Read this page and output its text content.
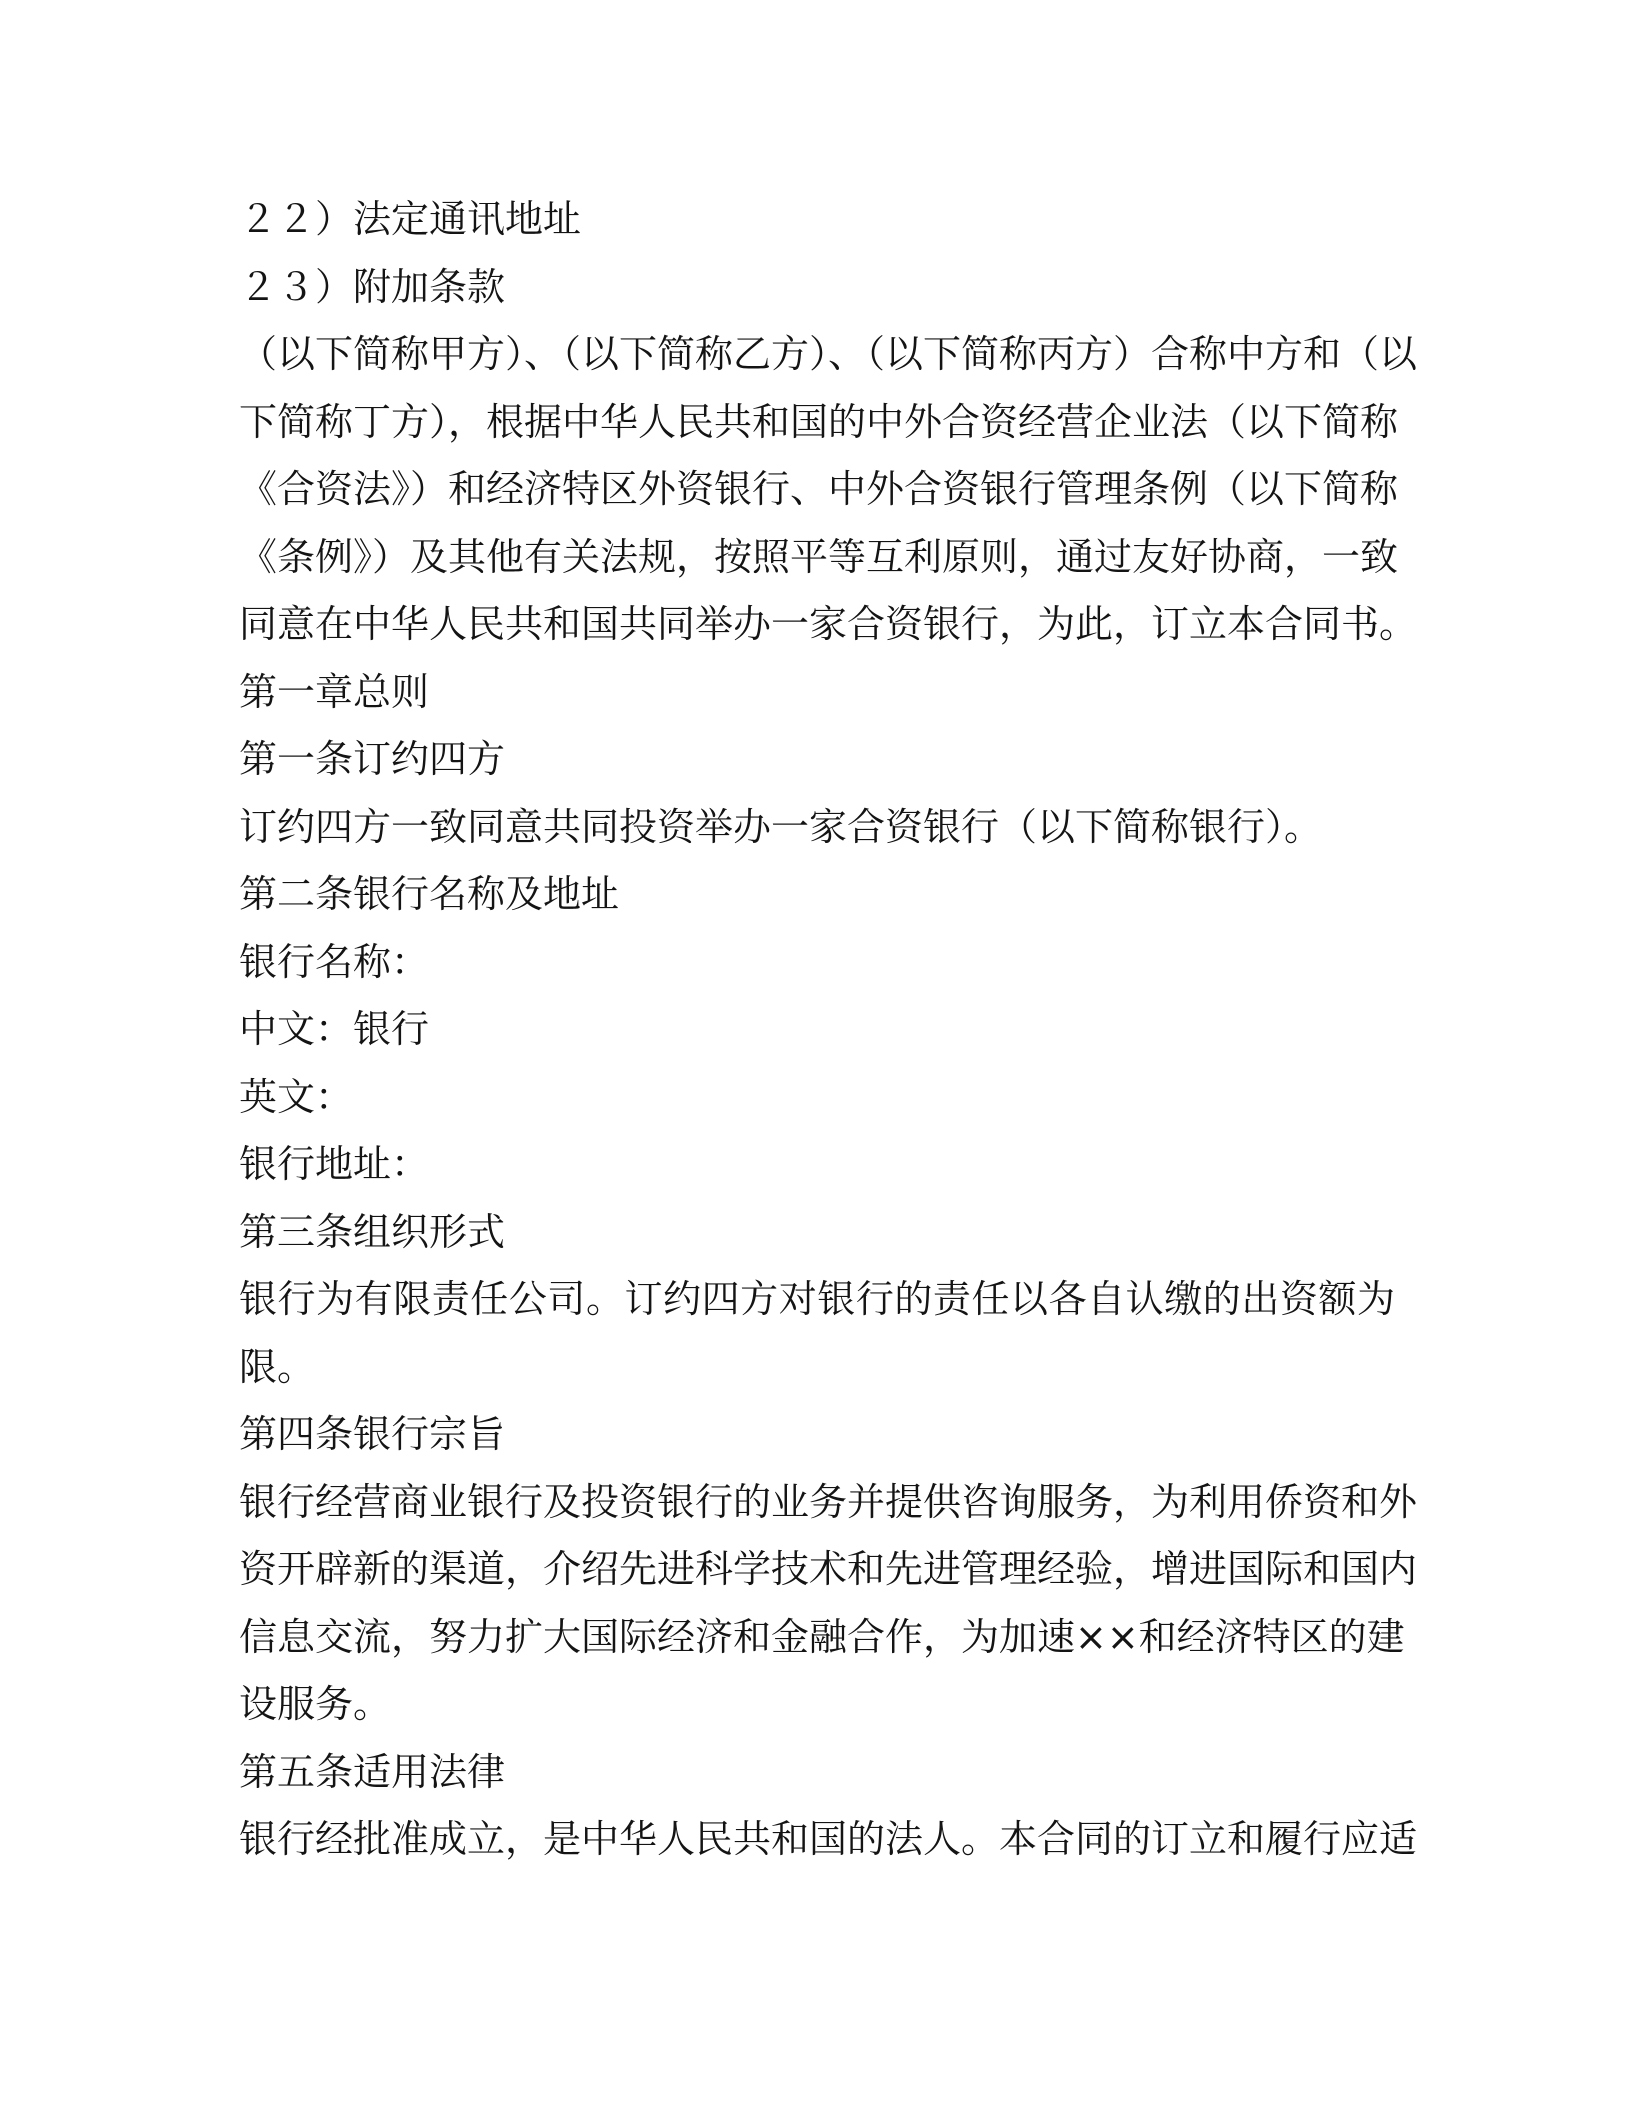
２２）法定通讯地址
２３）附加条款
（以下简称甲方）、（以下简称乙方）、（以下简称丙方）合称中方和（以
下简称丁方），根据中华人民共和国的中外合资经营企业法（以下简称
《合资法》）和经济特区外资银行、中外合资银行管理条例（以下简称
《条例》）及其他有关法规，按照平等互利原则，通过友好协商，一致
同意在中华人民共和国共同举办一家合资银行，为此，订立本合同书。
第一章总则
第一条订约四方
订约四方一致同意共同投资举办一家合资银行（以下简称银行）。
第二条银行名称及地址
银行名称：
中文：银行
英文：
银行地址：
第三条组织形式
银行为有限责任公司。订约四方对银行的责任以各自认缴的出资额为
限。
第四条银行宗旨
银行经营商业银行及投资银行的业务并提供咨询服务，为利用侨资和外
资开辟新的渠道，介绍先进科学技术和先进管理经验，增进国际和国内
信息交流，努力扩大国际经济和金融合作，为加速××和经济特区的建
设服务。
第五条适用法律
银行经批准成立，是中华人民共和国的法人。本合同的订立和履行应适
